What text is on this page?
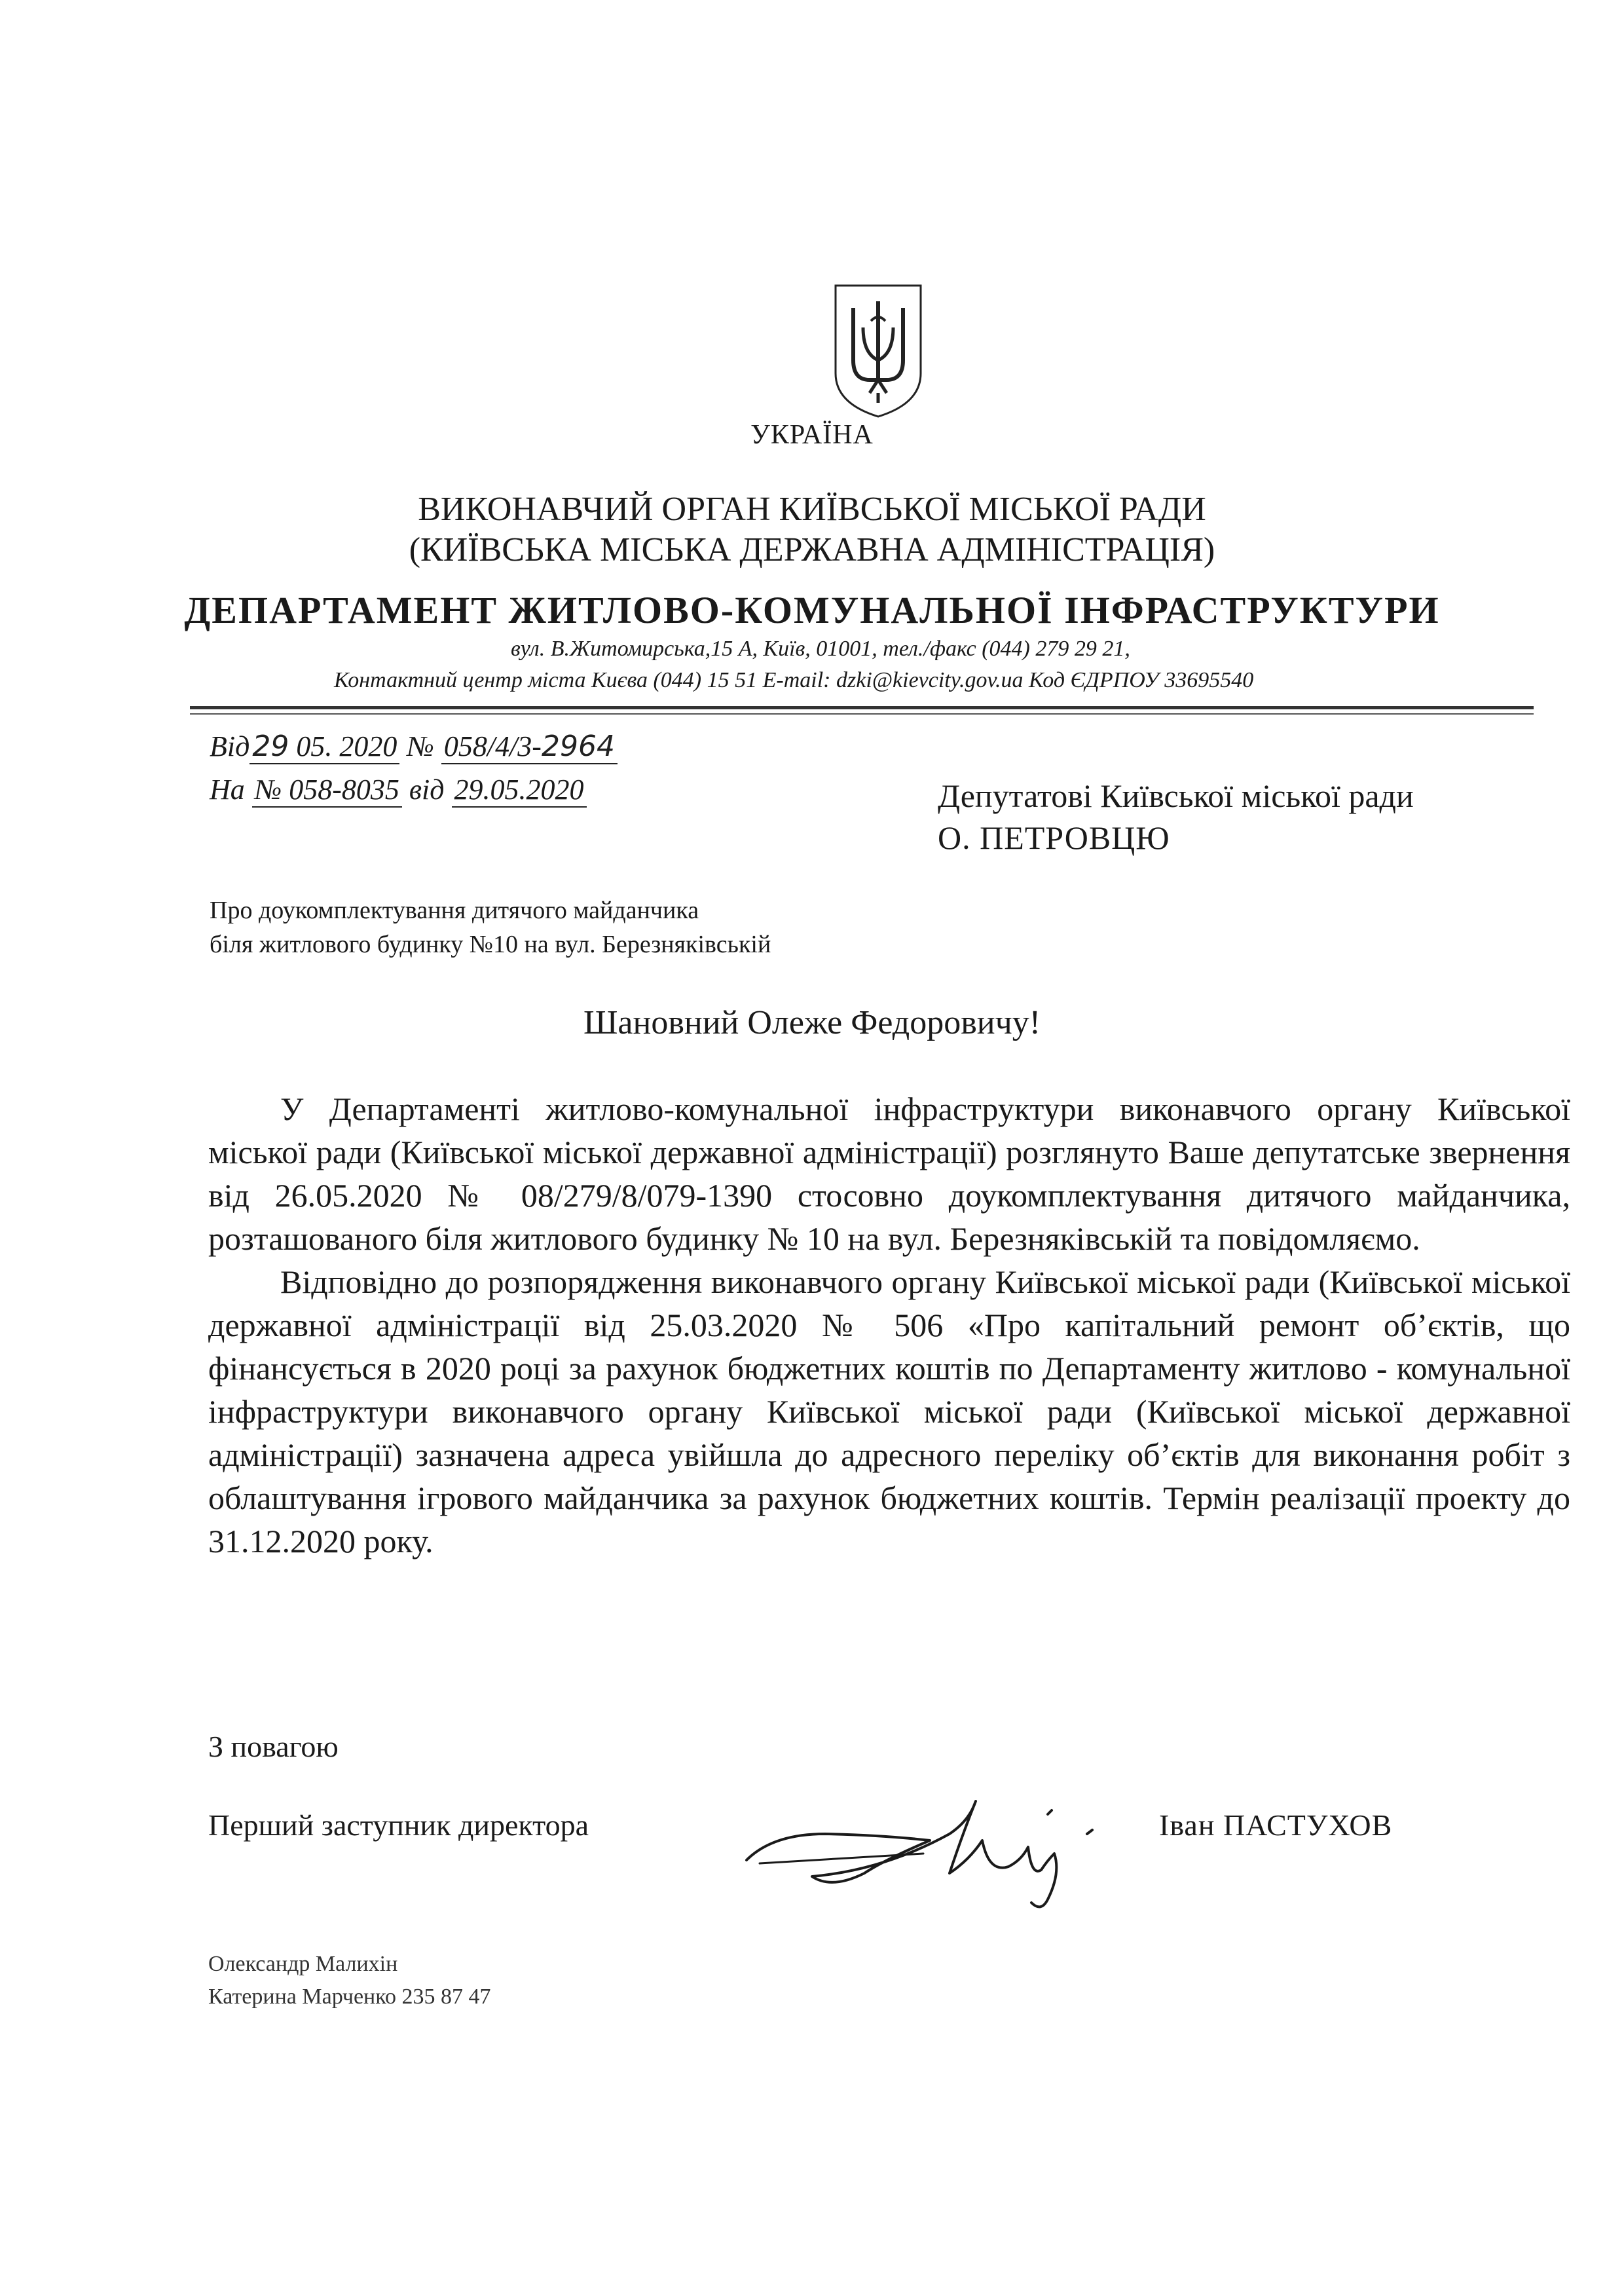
УКРАЇНА
ВИКОНАВЧИЙ ОРГАН КИЇВСЬКОЇ МІСЬКОЇ РАДИ
(КИЇВСЬКА МІСЬКА ДЕРЖАВНА АДМІНІСТРАЦІЯ)
ДЕПАРТАМЕНТ ЖИТЛОВО-КОМУНАЛЬНОЇ ІНФРАСТРУКТУРИ
вул. В.Житомирська,15 А, Київ, 01001, тел./факс (044) 279 29 21,
Контактний центр міста Києва (044) 15 51 E-mail: dzki@kievcity.gov.ua Код ЄДРПОУ 33695540
Від29 05. 2020 № 058/4/3-2964
На № 058-8035 від 29.05.2020	Депутатові Київської міської ради
О. ПЕТРОВЦЮ
Про доукомплектування дитячого майданчика
біля житлового будинку №10 на вул. Березняківській
Шановний Олеже Федоровичу!

У Департаменті житлово-комунальної інфраструктури виконавчого органу Київської міської ради (Київської міської державної адміністрації) розглянуто Ваше депутатське звернення від 26.05.2020 № 08/279/8/079-1390 стосовно доукомплектування дитячого майданчика, розташованого біля житлового будинку № 10 на вул. Березняківській та повідомляємо.

Відповідно до розпорядження виконавчого органу Київської міської ради (Київської міської державної адміністрації від 25.03.2020 № 506 «Про капітальний ремонт об’єктів, що фінансується в 2020 році за рахунок бюджетних коштів по Департаменту житлово - комунальної інфраструктури виконавчого органу Київської міської ради (Київської міської державної адміністрації) зазначена адреса увійшла до адресного переліку об’єктів для виконання робіт з облаштування ігрового майданчика за рахунок бюджетних коштів. Термін реалізації проекту до 31.12.2020 року.

З повагою
Перший заступник директора	Іван ПАСТУХОВ
Олександр Малихін
Катерина Марченко 235 87 47
